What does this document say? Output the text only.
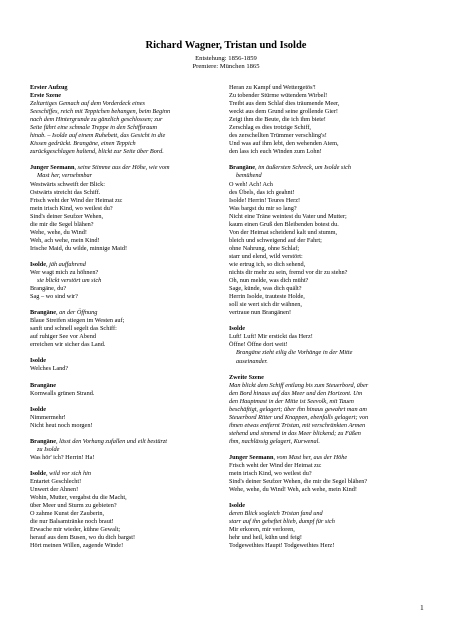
Richard Wagner, Tristan und Isolde
Entstehung: 1856-1859
Premiere: München 1865
Erster Aufzug
Erste Szene
Zeltartiges Gemach auf dem Vorderdeck eines
Seeschiffes, reich mit Teppichen behangen, beim Beginn
nach dem Hintergrunde zu gänzlich geschlossen; zur
Seite führt eine schmale Treppe in den Schiffsraum
hinab. – Isolde auf einem Ruhebett, das Gesicht in die
Kissen gedrückt. Brangäne, einen Teppich
zurückgeschlagen haltend, blickt zur Seite über Bord.
Junger Seemann, seine Stimme aus der Höhe, wie vom
Mast her, vernehmbar
Westwärts schweift der Blick:
Ostwärts streicht das Schiff.
Frisch weht der Wind der Heimat zu:
mein irisch Kind, wo weilest du?
Sind's deiner Seufzer Wehen,
die mir die Segel blähen?
Wehe, wehe, du Wind!
Weh, ach wehe, mein Kind!
Irische Maid, du wilde, minnige Maid!
Isolde, jäh auffahrend
Wer wagt mich zu höhnen?
sie blickt verstört um sich
Brangäne, du?
Sag – wo sind wir?
Brangäne, an der Öffnung
Blaue Streifen stiegen im Westen auf;
sanft und schnell segelt das Schiff:
auf ruhiger See vor Abend
erreichen wir sicher das Land.
Isolde
Welches Land?
Brangäne
Kornwalls grünen Strand.
Isolde
Nimmermehr!
Nicht heut noch morgen!
Brangäne, lässt den Vorhang zufallen und eilt bestürzt
zu Isolde
Was hör' ich? Herrin! Ha!
Isolde, wild vor sich hin
Entartet Geschlecht!
Unwert der Ahnen!
Wohin, Mutter, vergabst du die Macht,
über Meer und Sturm zu gebieten?
O zahme Kunst der Zauberin,
die nur Balsamtränke noch braut!
Erwache mir wieder, kühne Gewalt;
herauf aus dem Busen, wo du dich bargst!
Hört meinen Willen, zagende Winde!
Heran zu Kampf und Wettergetös'!
Zu tobender Stürme wütendem Wirbel!
Treibt aus dem Schlaf dies träumende Meer,
weckt aus dem Grund seine grollende Gier!
Zeigt ihm die Beute, die ich ihm biete!
Zerschlag es dies trotzige Schiff,
des zerschellten Trümmer verschling's!
Und was auf ihm lebt, den wehenden Atem,
den lass ich euch Winden zum Lohn!
Brangäne, im äußersten Schreck, um Isolde sich
bemühend
O weh! Ach! Ach
des Übels, das ich geahnt!
Isolde! Herrin! Teures Herz!
Was bargst du mir so lang?
Nicht eine Träne weintest du Vater und Mutter;
kaum einen Gruß den Bleibenden botest du.
Von der Heimat scheidend kalt und stumm,
bleich und schweigend auf der Fahrt;
ohne Nahrung, ohne Schlaf;
starr und elend, wild verstört:
wie ertrug ich, so dich sehend,
nichts dir mehr zu sein, fremd vor dir zu stehn?
Oh, nun melde, was dich müht?
Sage, künde, was dich quält?
Herrin Isolde, trauteste Holde,
soll sie wert sich dir wähnen,
vertraue nun Brangänen!
Isolde
Luft! Luft! Mir erstickt das Herz!
Öffne! Öffne dort weit!
Brangäne zieht eilig die Vorhänge in der Mitte
auseinander.
Zweite Szene
Man blickt dem Schiff entlang bis zum Steuerbord, über
den Bord hinaus auf das Meer und den Horizont. Um
den Hauptmast in der Mitte ist Seevolk, mit Tauen
beschäftigt, gelagert; über ihn hinaus gewahrt man am
Steuerbord Ritter und Knappen, ebenfalls gelagert; von
ihnen etwas entfernt Tristan, mit verschränkten Armen
stehend und sinnend in das Meer blickend; zu Füßen
ihm, nachlässig gelagert, Kurwenal.
Junger Seemann, vom Mast her, aus der Höhe
Frisch weht der Wind der Heimat zu:
mein irisch Kind, wo weilest du?
Sind's deiner Seufzer Wehen, die mir die Segel blähen?
Wehe, wehe, du Wind! Weh, ach wehe, mein Kind!
Isolde
deren Blick sogleich Tristan fand und
starr auf ihn geheftet blieb, dumpf für sich
Mir erkoren, mir verloren,
hehr und heil, kühn und feig!
Todgeweihtes Haupt! Todgeweihtes Herz!
1
